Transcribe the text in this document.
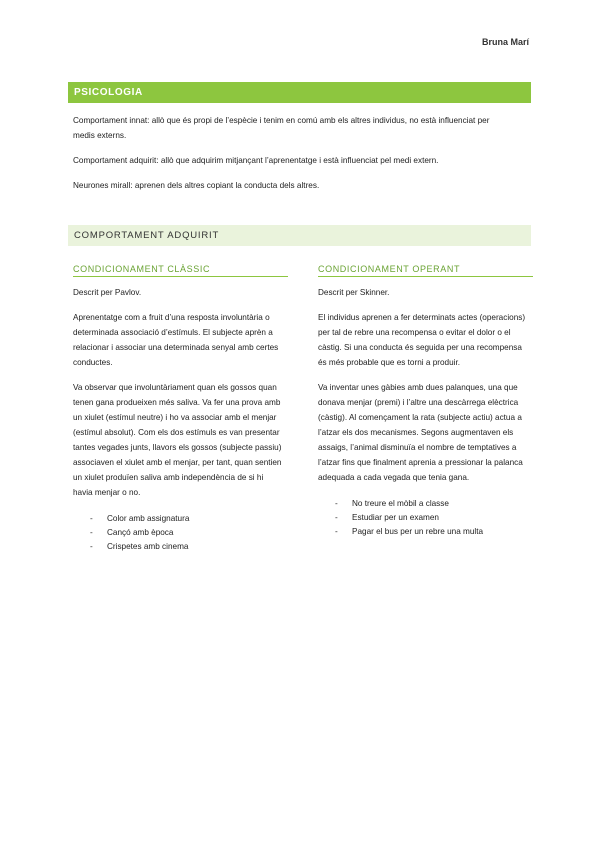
Bruna Marí
PSICOLOGIA

Comportament innat: allò que és propi de l’espècie i tenim en comú amb els altres individus, no està influenciat per medis externs.

Comportament adquirit: allò que adquirim mitjançant l’aprenentatge i està influenciat pel medi extern.

Neurones mirall: aprenen dels altres copiant la conducta dels altres.

COMPORTAMENT ADQUIRIT
CONDICIONAMENT CLÀSSIC

Descrit per Pavlov.

Aprenentatge com a fruit d’una resposta involuntària o determinada associació d’estímuls. El subjecte aprèn a relacionar i associar una determinada senyal amb certes conductes.

Va observar que involuntàriament quan els gossos quan tenen gana produeixen més saliva. Va fer una prova amb un xiulet (estímul neutre) i ho va associar amb el menjar (estímul absolut). Com els dos estímuls es van presentar tantes vegades junts, llavors els gossos (subjecte passiu) associaven el xiulet amb el menjar, per tant, quan sentien un xiulet produïen saliva amb independència de si hi havia menjar o no.

- Color amb assignatura
- Cançó amb època
- Crispetes amb cinema
CONDICIONAMENT OPERANT

Descrit per Skinner.

El individus aprenen a fer determinats actes (operacions) per tal de rebre una recompensa o evitar el dolor o el càstig. Si una conducta és seguida per una recompensa és més probable que es torni a produir.

Va inventar unes gàbies amb dues palanques, una que donava menjar (premi) i l’altre una descàrrega elèctrica (càstig). Al començament la rata (subjecte actiu) actua a l’atzar els dos mecanismes. Segons augmentaven els assaigs, l’animal disminuïa el nombre de temptatives a l’atzar fins que finalment aprenia a pressionar la palanca adequada a cada vegada que tenia gana.

- No treure el mòbil a classe
- Estudiar per un examen
- Pagar el bus per un rebre una multa
